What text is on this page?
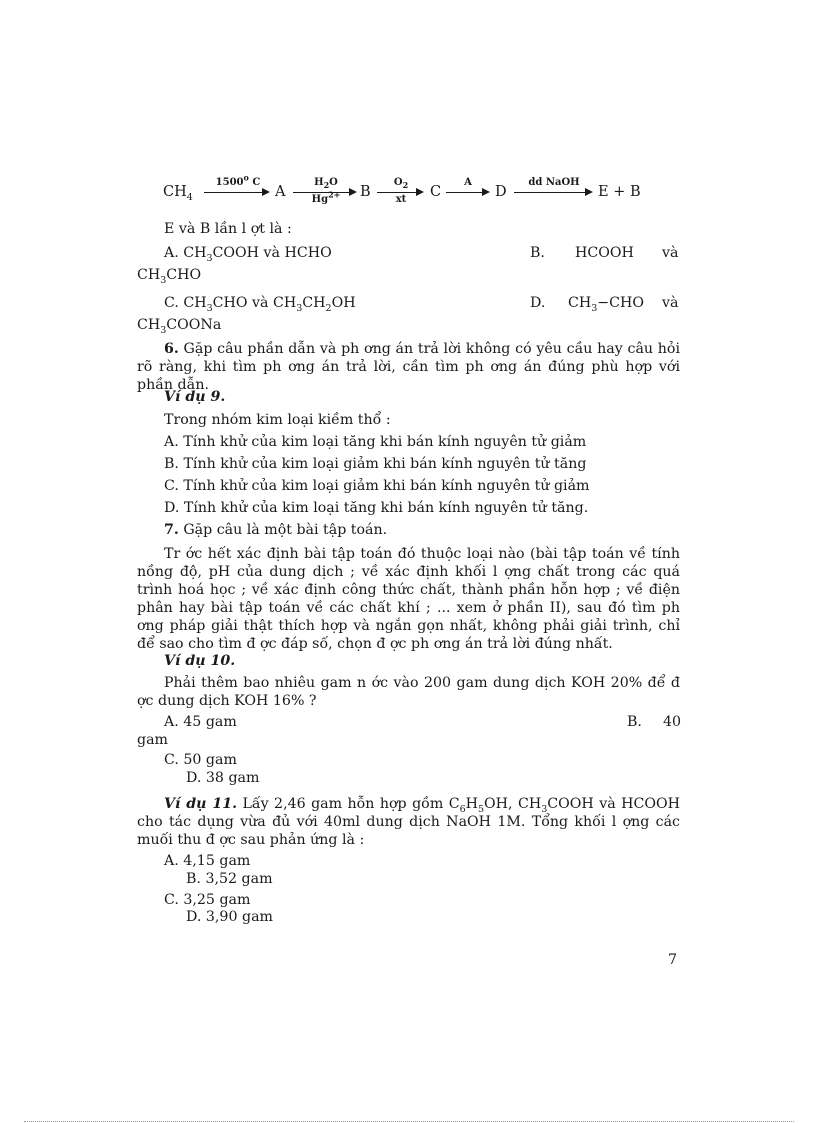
$CH_4$
1500$^o$ C
A
$H_2O$
$Hg^{2+}$	B
$O_2$
xt	C
A
→ D
dd NaOH
E + B
E và B lần l ợt là :
A. $CH_3COOH$ và HCHO	B. HCOOH và
$CH_3CHO$
C. $CH_3CHO$ và $CH_3CH_2OH$	D. $CH_3-CHO$ và
$CH_3COONa$
6. Gặp câu phần dẫn và ph ơng án trả lời không có yêu cầu hay câu hỏi rõ ràng, khi tìm ph ơng án trả lời, cần tìm ph ơng án đúng phù hợp với phần dẫn.
Ví dụ 9.
Trong nhóm kim loại kiềm thổ :
A. Tính khử của kim loại tăng khi bán kính nguyên tử giảm
B. Tính khử của kim loại giảm khi bán kính nguyên tử tăng
C. Tính khử của kim loại giảm khi bán kính nguyên tử giảm
D. Tính khử của kim loại tăng khi bán kính nguyên tử tăng.
7. Gặp câu là một bài tập toán.
Tr ớc hết xác định bài tập toán đó thuộc loại nào (bài tập toán về tính nồng độ, pH của dung dịch ; về xác định khối l ợng chất trong các quá trình hoá học ; về xác định công thức chất, thành phần hỗn hợp ; về điện phân hay bài tập toán về các chất khí ; ... xem ở phần II), sau đó tìm ph ơng pháp giải thật thích hợp và ngắn gọn nhất, không phải giải trình, chỉ để sao cho tìm đ ợc đáp số, chọn đ ợc ph ơng án trả lời đúng nhất.
Ví dụ 10.
Phải thêm bao nhiêu gam n ớc vào 200 gam dung dịch KOH 20% để đ ợc dung dịch KOH 16% ?
A. 45 gam	B. 40
gam
C. 50 gam
D. 38 gam
Ví dụ 11. Lấy 2,46 gam hỗn hợp gồm $C_6H_5OH$, $CH_3COOH$ và HCOOH cho tác dụng vừa đủ với 40ml dung dịch NaOH 1M. Tổng khối l ợng các muối thu đ ợc sau phản ứng là :
A. 4,15 gam
B. 3,52 gam
C. 3,25 gam
D. 3,90 gam
7
